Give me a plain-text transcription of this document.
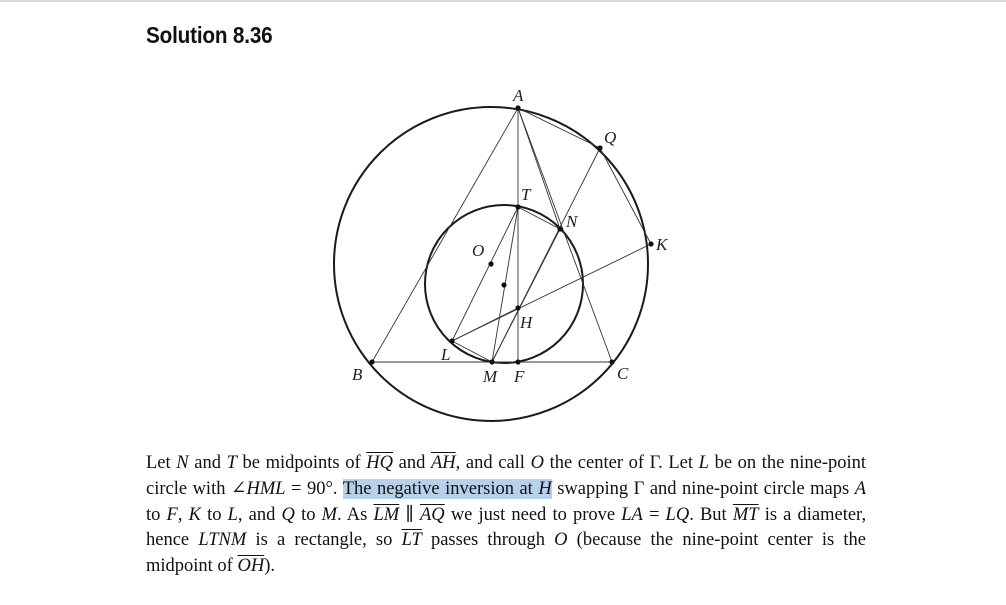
Solution 8.36
A
Q
T
N
K
O
H
L
B	M F	C
Let N and T be midpoints of $\overline{HQ}$ and $\overline{AH}$, and call O the center of Γ. Let L be on the nine-point circle with ∠HML = 90°. The negative inversion at H swapping Γ and nine-point circle maps A to F, K to L, and Q to M. As $\overline{LM}$ ∥ $\overline{AQ}$ we just need to prove LA = LQ. But $\overline{MT}$ is a diameter, hence LTNM is a rectangle, so $\overline{LT}$ passes through O (because the nine-point center is the midpoint of $\overline{OH}$).
